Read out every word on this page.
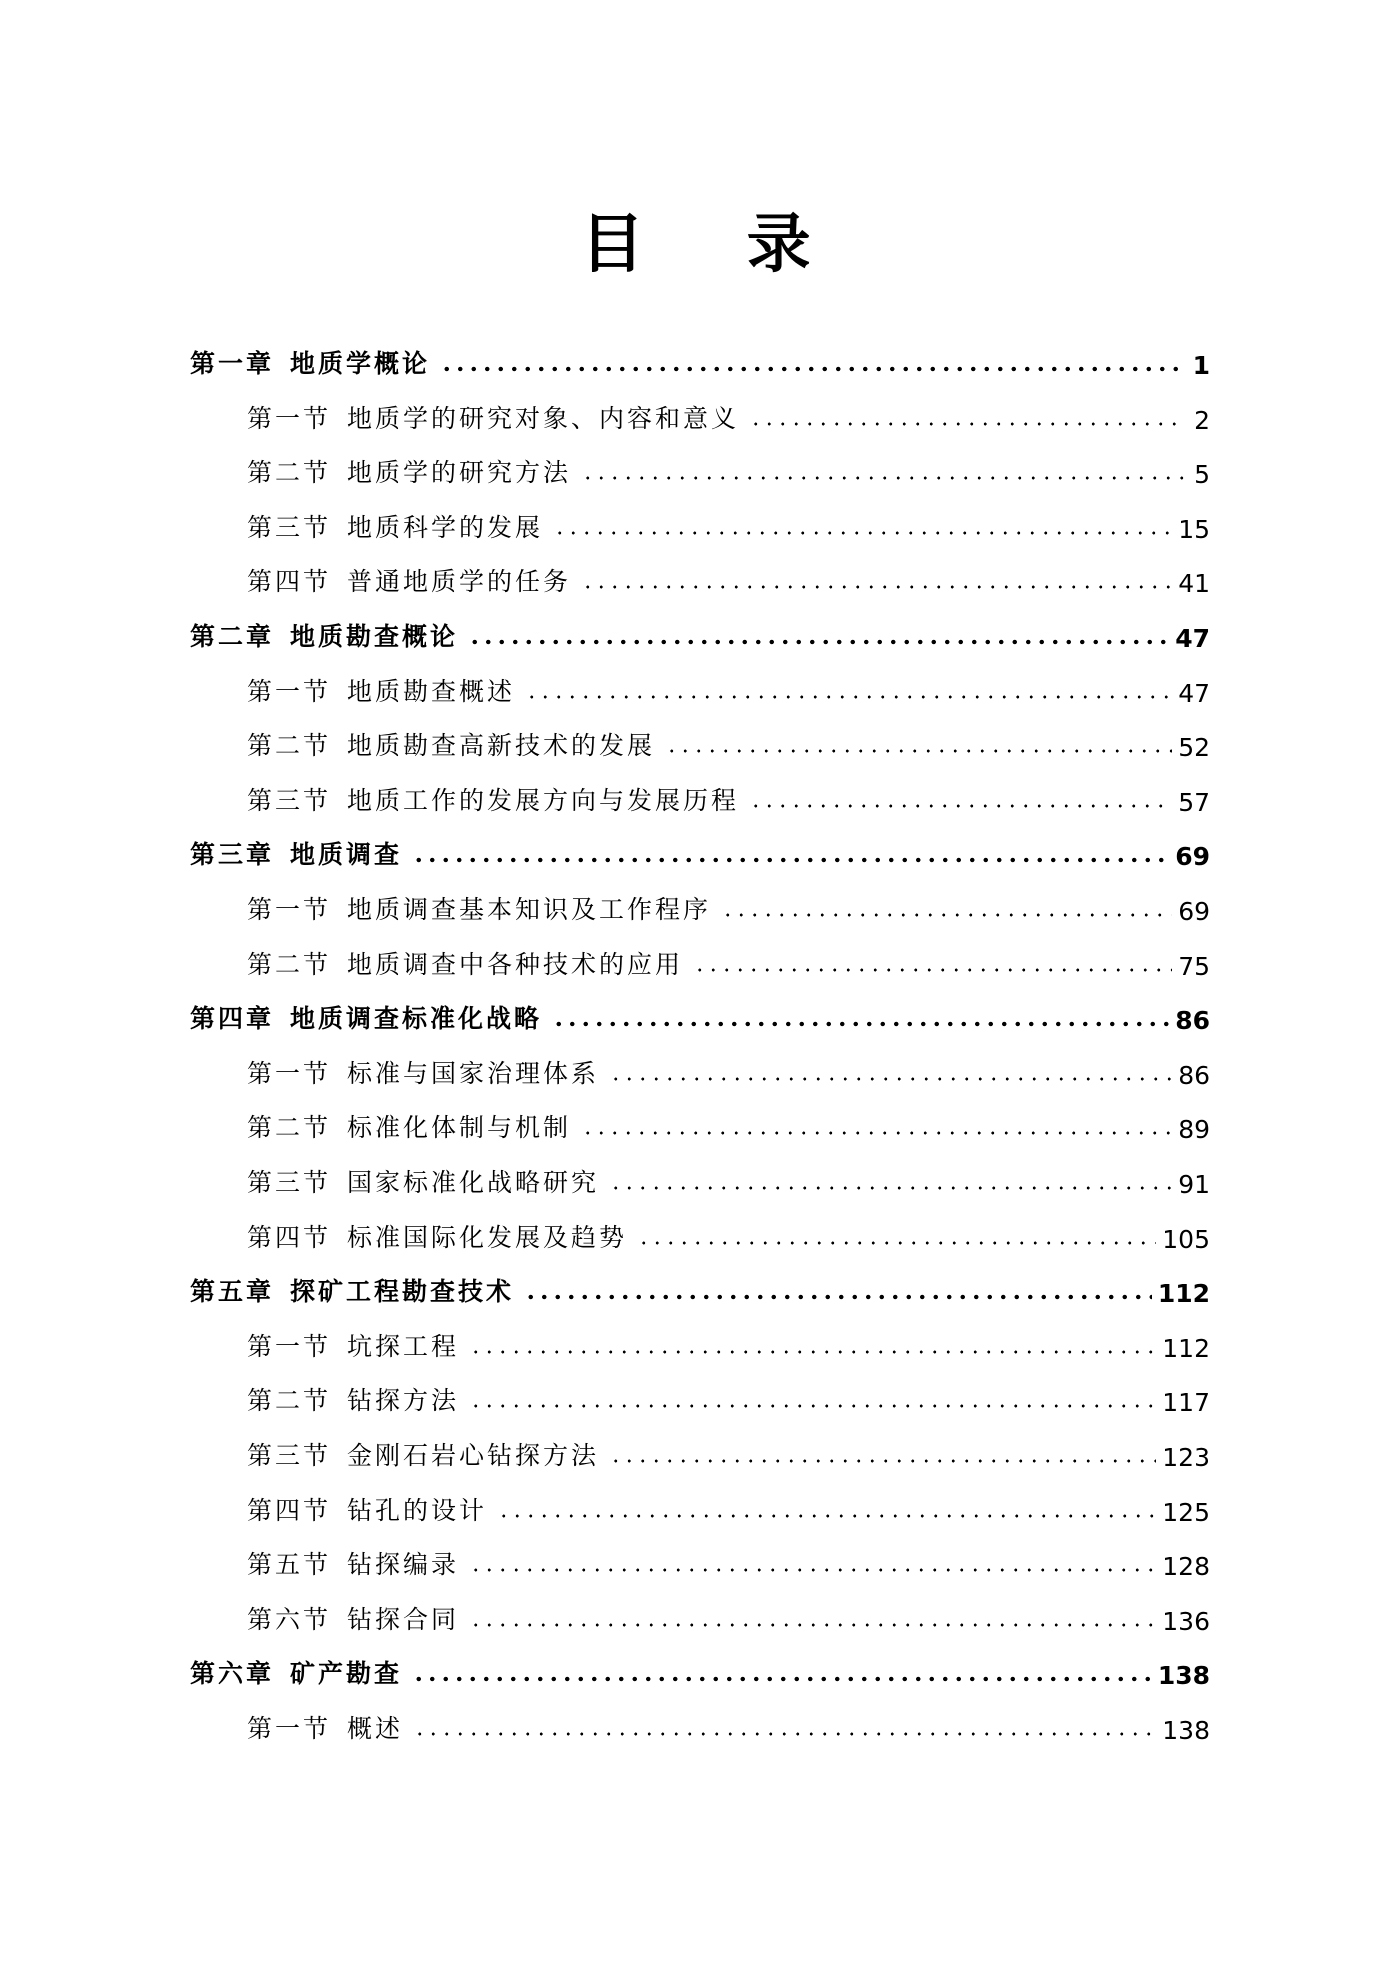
目 录
第一章 地质学概论	1
第一节 地质学的研究对象、内容和意义	2
第二节 地质学的研究方法	5
第三节 地质科学的发展	15
第四节 普通地质学的任务	41
第二章 地质勘查概论	47
第一节 地质勘查概述	47
第二节 地质勘查高新技术的发展	52
第三节 地质工作的发展方向与发展历程	57
第三章 地质调查	69
第一节 地质调查基本知识及工作程序	69
第二节 地质调查中各种技术的应用	75
第四章 地质调查标准化战略	86
第一节 标准与国家治理体系	86
第二节 标准化体制与机制	89
第三节 国家标准化战略研究	91
第四节 标准国际化发展及趋势	105
第五章 探矿工程勘查技术	112
第一节 坑探工程	112
第二节 钻探方法	117
第三节 金刚石岩心钻探方法	123
第四节 钻孔的设计	125
第五节 钻探编录	128
第六节 钻探合同	136
第六章 矿产勘查	138
第一节 概述	138
